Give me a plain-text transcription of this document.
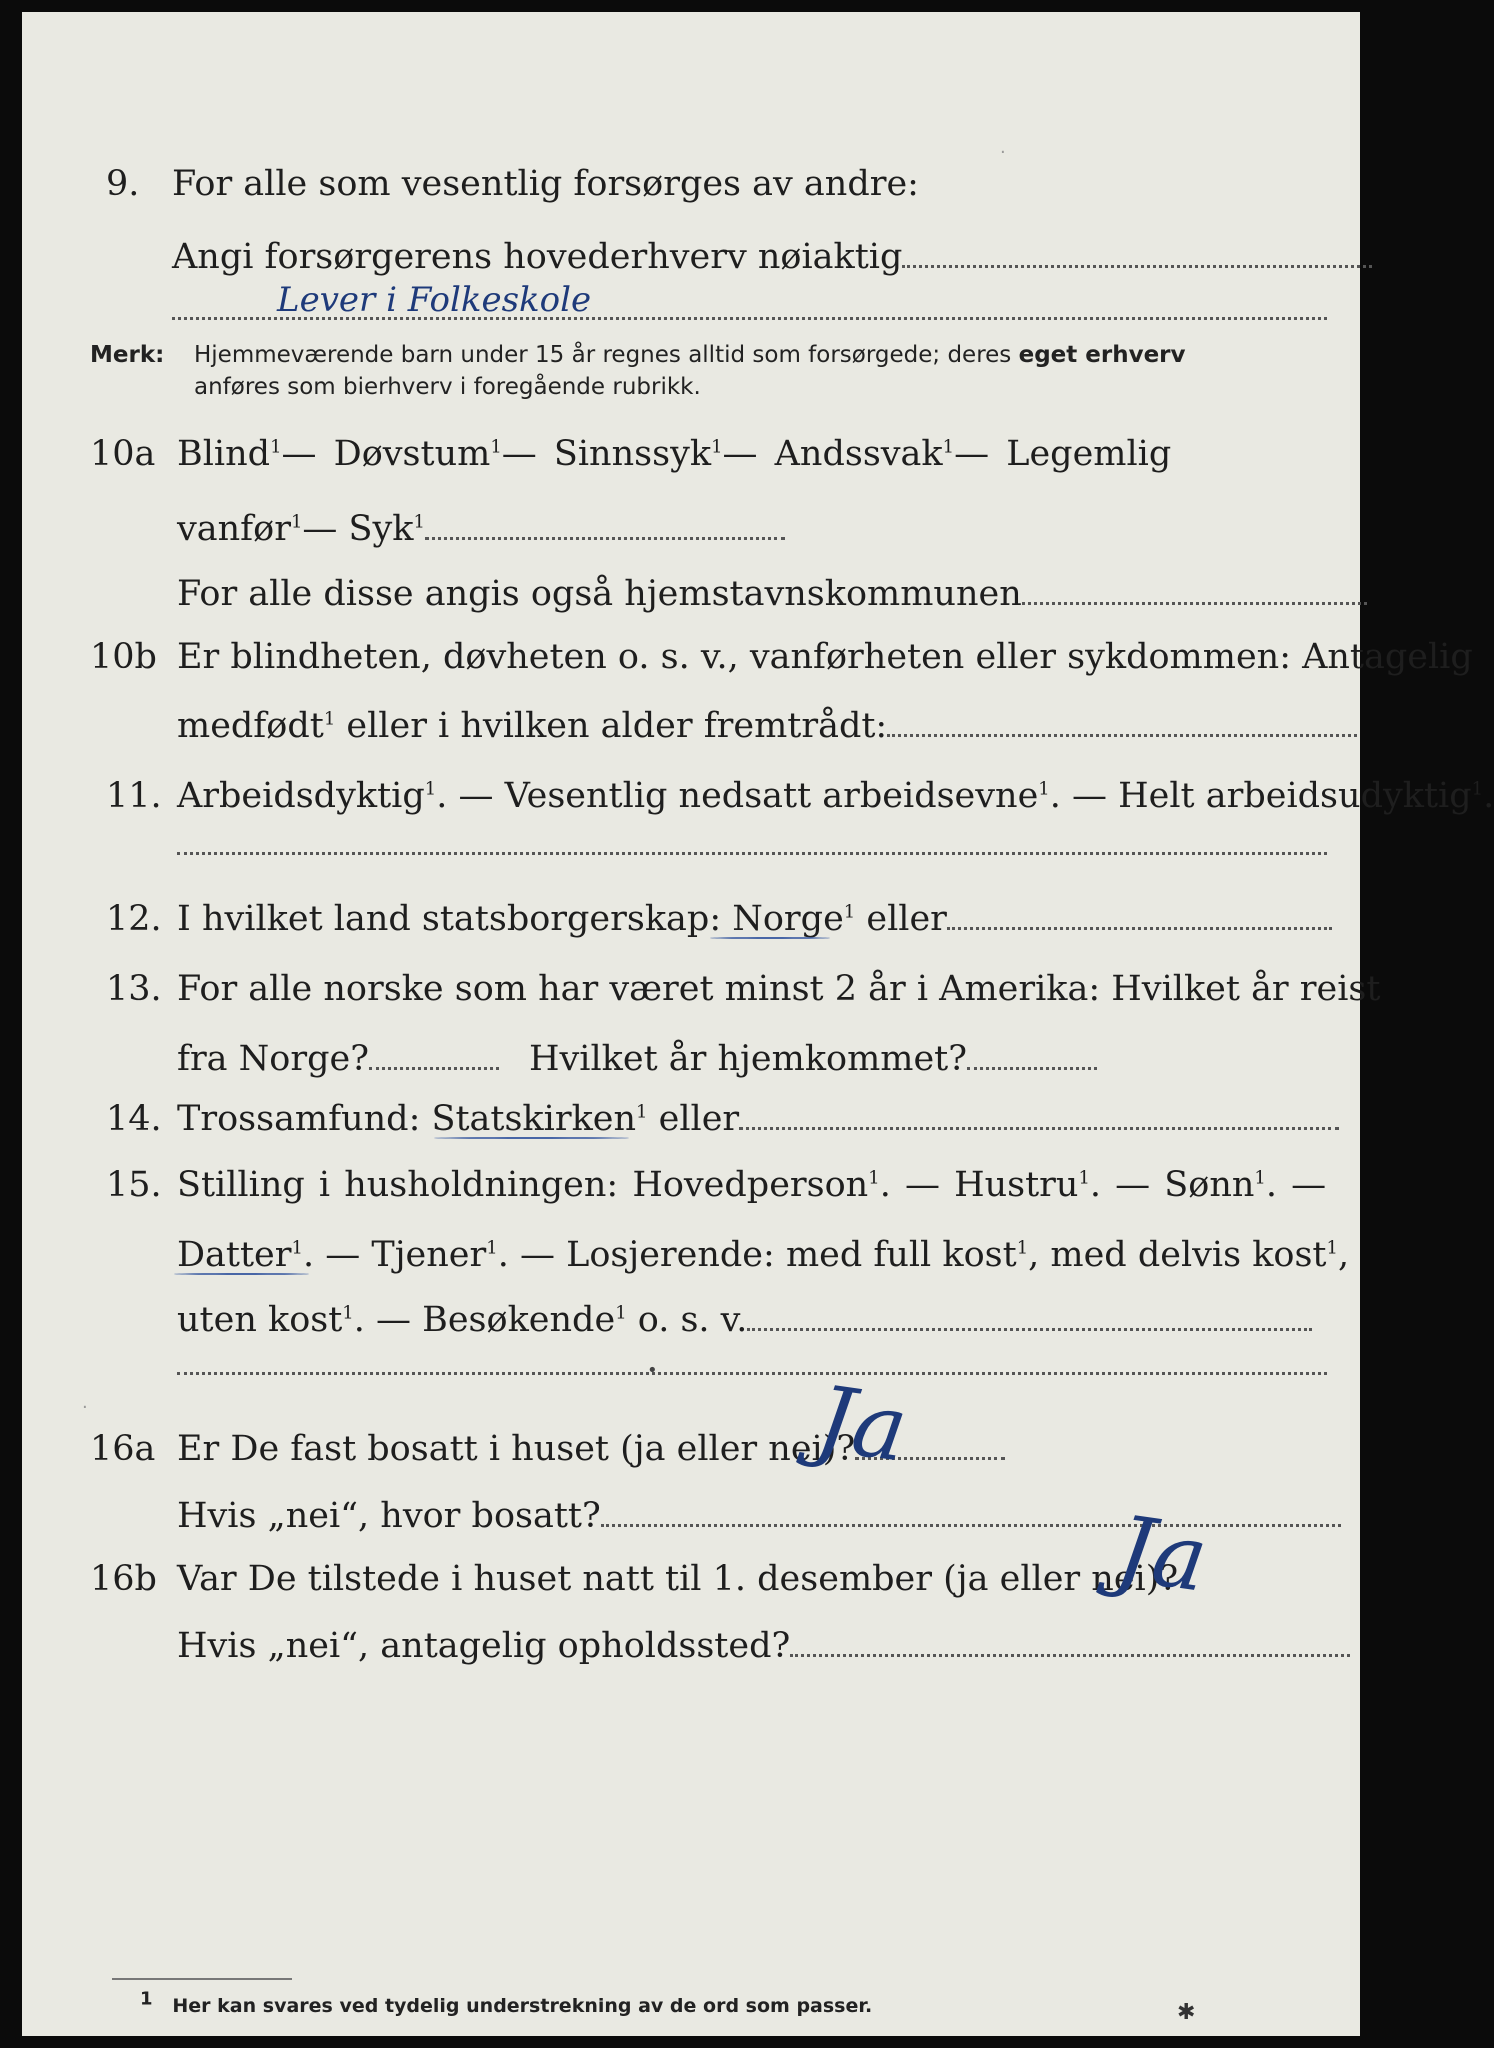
9. For alle som vesentlig forsørges av andre:
Angi forsørgerens hovederhverv nøiaktig
Lever i Folkeskole
Merk: Hjemmeværende barn under 15 år regnes alltid som forsørgede; deres eget erhverv
anføres som bierhverv i foregående rubrikk.
10a Blind$^1$— Døvstum$^1$— Sinnssyk$^1$— Andssvak$^1$— Legemlig
vanfør$^1$— Syk$^1$
For alle disse angis også hjemstavnskommunen
10b Er blindheten, døvheten o. s. v., vanførheten eller sykdommen: Antagelig
medfødt$^1$ eller i hvilken alder fremtrådt:
11. Arbeidsdyktig$^1$. — Vesentlig nedsatt arbeidsevne$^1$. — Helt arbeidsudyktig$^1$.
12. I hvilket land statsborgerskap: Norge$^1$ eller
13. For alle norske som har været minst 2 år i Amerika: Hvilket år reist
fra Norge?	Hvilket år hjemkommet?
14. Trossamfund: Statskirken$^1$ eller
15. Stilling i husholdningen: Hovedperson$^1$. — Hustru$^1$. — Sønn$^1$. —
Datter$^1$. — Tjener$^1$. — Losjerende: med full kost$^1$, med delvis kost$^1$,
uten kost$^1$. — Besøkende$^1$ o. s. v.
16a Er De fast bosatt i huset (ja eller nei)?
Ja
Hvis „nei“, hvor bosatt?
16b Var De tilstede i huset natt til 1. desember (ja eller nei)?
Ja
Hvis „nei“, antagelig opholdssted?
$^1$ Her kan svares ved tydelig understrekning av de ord som passer.
·
·
•
✱
